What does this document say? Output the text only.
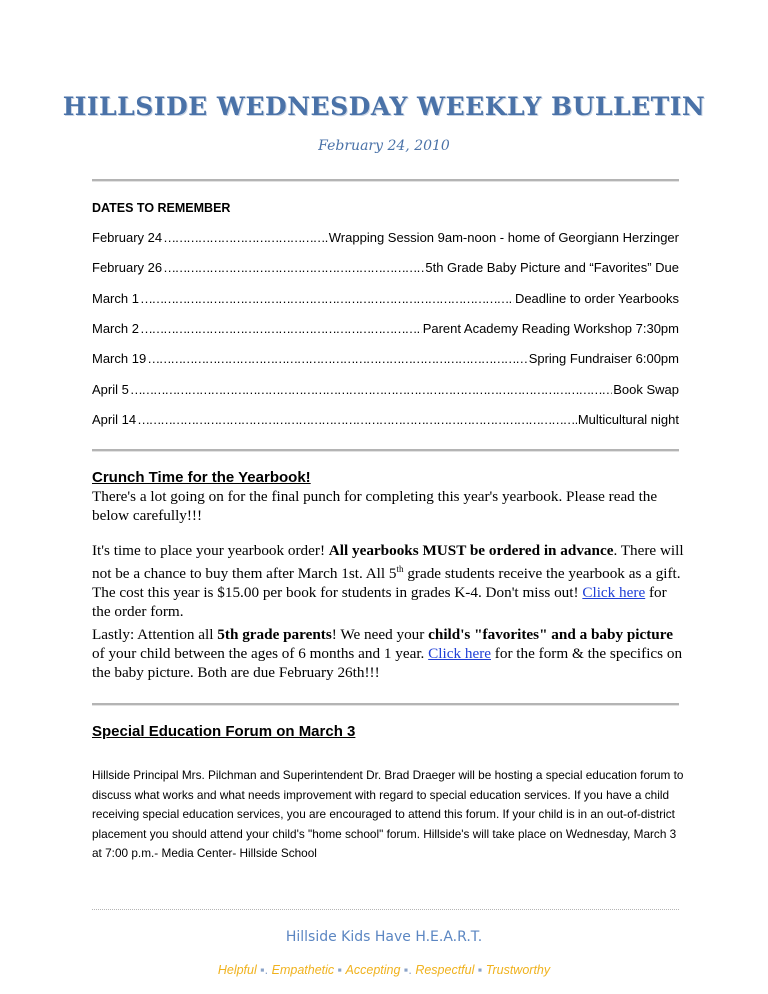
HILLSIDE WEDNESDAY WEEKLY BULLETIN
February 24, 2010
DATES TO REMEMBER
February 24 ……………………………………………………………………………………………………………………………………………………………………………	Wrapping Session 9am-noon - home of Georgiann Herzinger
February 26 ……………………………………………………………………………………………………………………………………………………………………………	5th Grade Baby Picture and “Favorites” Due
March 1 ……………………………………………………………………………………………………………………………………………………………………………	Deadline to order Yearbooks
March 2 ……………………………………………………………………………………………………………………………………………………………………………	Parent Academy Reading Workshop 7:30pm
March 19 ……………………………………………………………………………………………………………………………………………………………………………	Spring Fundraiser 6:00pm
April 5 ……………………………………………………………………………………………………………………………………………………………………………	Book Swap
April 14 ……………………………………………………………………………………………………………………………………………………………………………	Multicultural night
Crunch Time for the Yearbook!
There's a lot going on for the final punch for completing this year's yearbook. Please read the below carefully!!!
It's time to place your yearbook order! All yearbooks MUST be ordered in advance. There will not be a chance to buy them after March 1st. All 5th grade students receive the yearbook as a gift. The cost this year is $15.00 per book for students in grades K-4. Don't miss out! Click here for the order form.
Lastly: Attention all 5th grade parents! We need your child's "favorites" and a baby picture of your child between the ages of 6 months and 1 year. Click here for the form & the specifics on the baby picture. Both are due February 26th!!!
Special Education Forum on March 3
Hillside Principal Mrs. Pilchman and Superintendent Dr. Brad Draeger will be hosting a special education forum to discuss what works and what needs improvement with regard to special education services. If you have a child receiving special education services, you are encouraged to attend this forum. If your child is in an out-of-district placement you should attend your child's "home school" forum. Hillside's will take place on Wednesday, March 3 at 7:00 p.m.- Media Center- Hillside School
Hillside Kids Have H.E.A.R.T.
Helpful ▪. Empathetic ▪ Accepting ▪. Respectful ▪ Trustworthy
